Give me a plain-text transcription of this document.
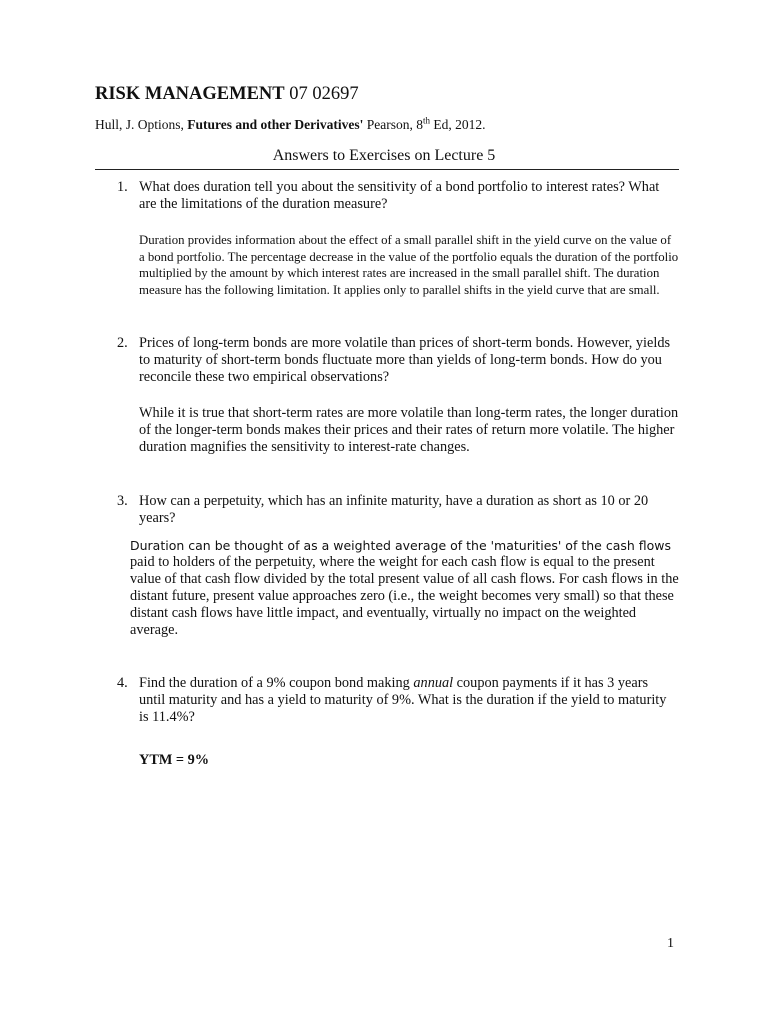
RISK MANAGEMENT 07 02697
Hull, J. Options, Futures and other Derivatives' Pearson, 8th Ed, 2012.
Answers to Exercises on Lecture 5
1. What does duration tell you about the sensitivity of a bond portfolio to interest rates? What are the limitations of the duration measure?
Duration provides information about the effect of a small parallel shift in the yield curve on the value of a bond portfolio. The percentage decrease in the value of the portfolio equals the duration of the portfolio multiplied by the amount by which interest rates are increased in the small parallel shift. The duration measure has the following limitation. It applies only to parallel shifts in the yield curve that are small.
2. Prices of long-term bonds are more volatile than prices of short-term bonds. However, yields to maturity of short-term bonds fluctuate more than yields of long-term bonds. How do you reconcile these two empirical observations?
While it is true that short-term rates are more volatile than long-term rates, the longer duration of the longer-term bonds makes their prices and their rates of return more volatile. The higher duration magnifies the sensitivity to interest-rate changes.
3. How can a perpetuity, which has an infinite maturity, have a duration as short as 10 or 20 years?
Duration can be thought of as a weighted average of the 'maturities' of the cash flows
paid to holders of the perpetuity, where the weight for each cash flow is equal to the present value of that cash flow divided by the total present value of all cash flows. For cash flows in the distant future, present value approaches zero (i.e., the weight becomes very small) so that these distant cash flows have little impact, and eventually, virtually no impact on the weighted average.
4. Find the duration of a 9% coupon bond making annual coupon payments if it has 3 years until maturity and has a yield to maturity of 9%. What is the duration if the yield to maturity is 11.4%?
YTM = 9%
1
